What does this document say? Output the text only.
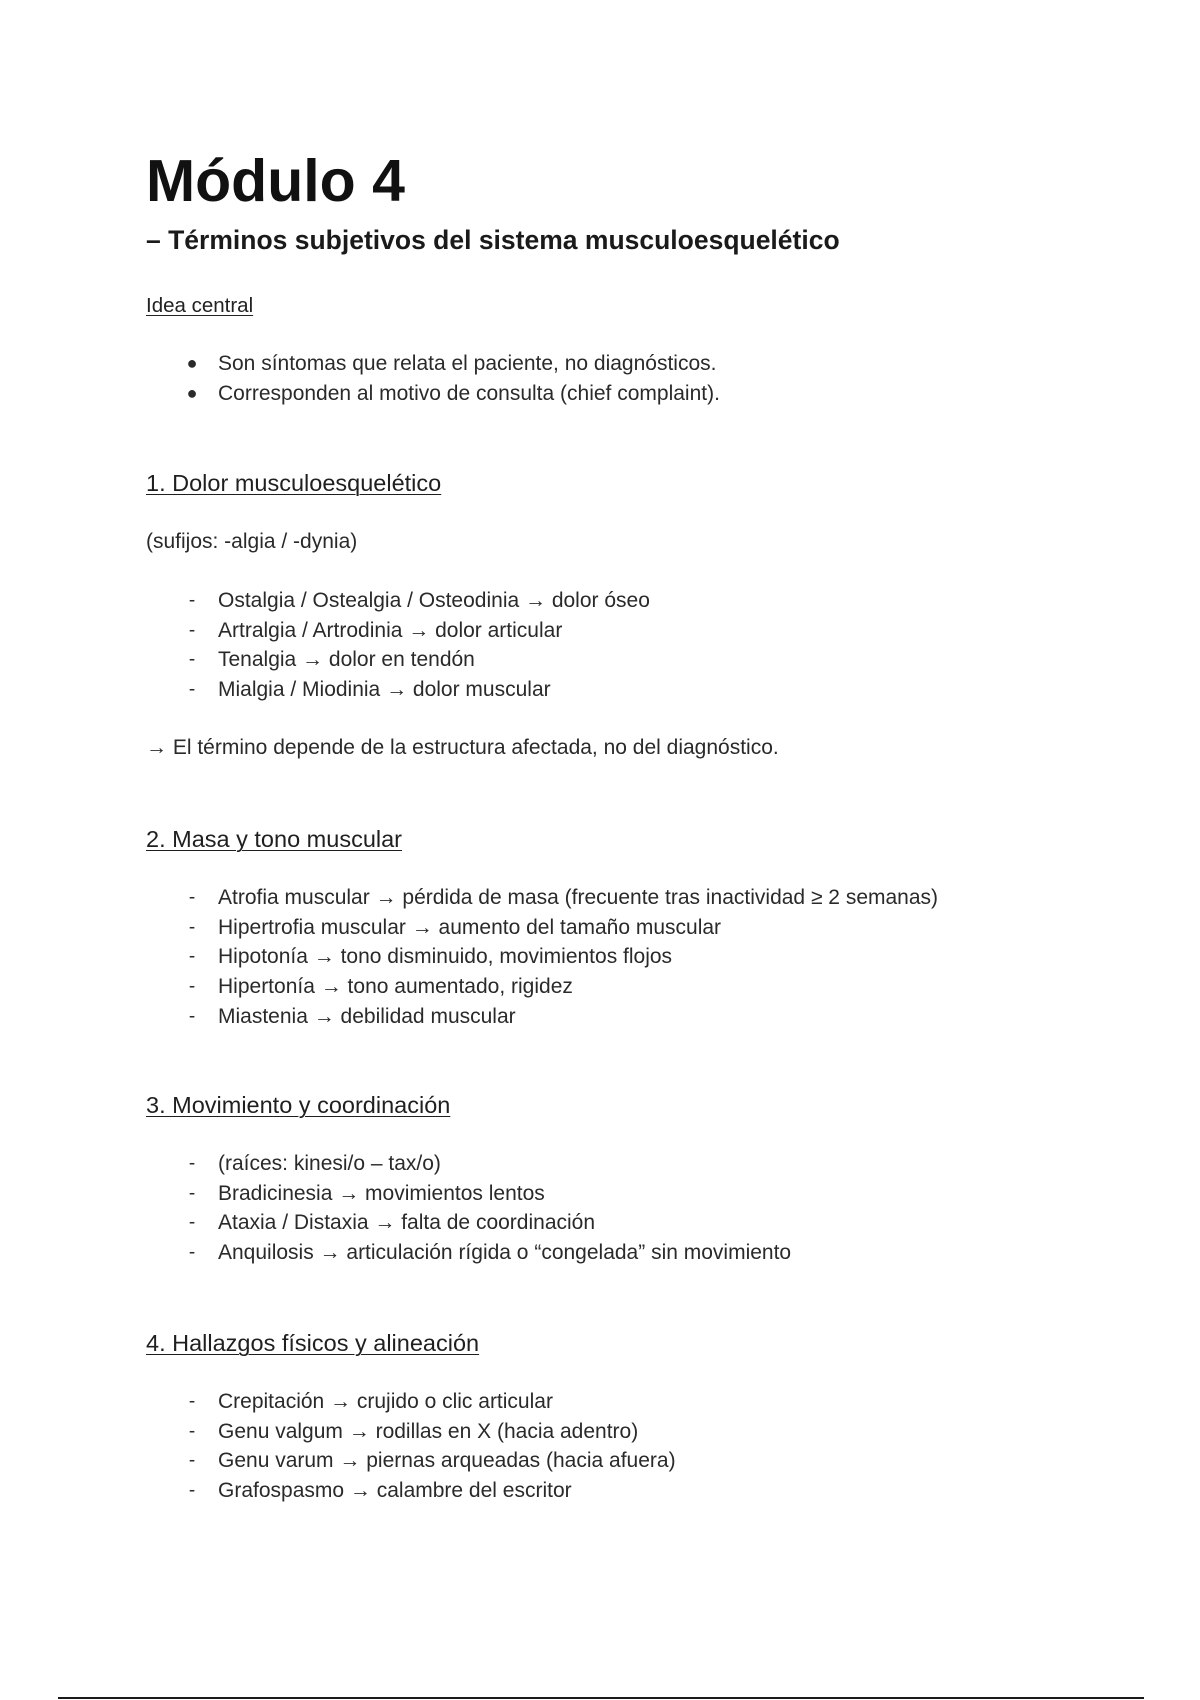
Módulo 4
– Términos subjetivos del sistema musculoesquelético

Idea central

● Son síntomas que relata el paciente, no diagnósticos.
● Corresponden al motivo de consulta (chief complaint).
1. Dolor musculoesquelético

(sufijos: -algia / -dynia)

-	Ostalgia / Ostealgia / Osteodinia → dolor óseo
-	Artralgia / Artrodinia → dolor articular
-	Tenalgia → dolor en tendón
-	Mialgia / Miodinia → dolor muscular

→ El término depende de la estructura afectada, no del diagnóstico.

2. Masa y tono muscular
-	Atrofia muscular → pérdida de masa (frecuente tras inactividad ≥ 2 semanas)
-	Hipertrofia muscular → aumento del tamaño muscular
-	Hipotonía → tono disminuido, movimientos flojos
-	Hipertonía → tono aumentado, rigidez
-	Miastenia → debilidad muscular
3. Movimiento y coordinación
-	(raíces: kinesi/o – tax/o)
-	Bradicinesia → movimientos lentos
-	Ataxia / Distaxia → falta de coordinación
-	Anquilosis → articulación rígida o “congelada” sin movimiento
4. Hallazgos físicos y alineación
-	Crepitación → crujido o clic articular
-	Genu valgum → rodillas en X (hacia adentro)
-	Genu varum → piernas arqueadas (hacia afuera)
-	Grafospasmo → calambre del escritor
